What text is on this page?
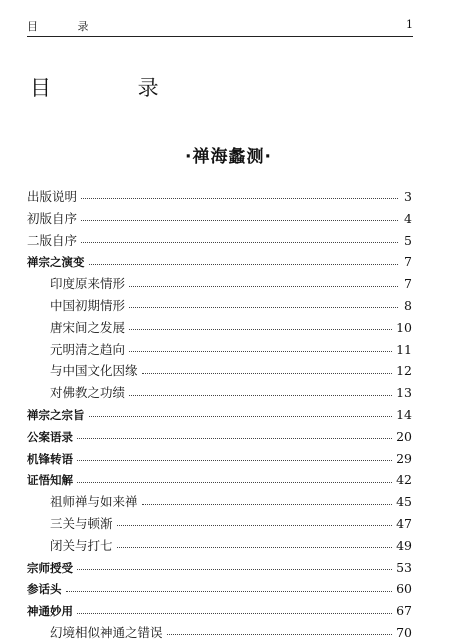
目 录	1
目 录
·禅海蠡测·
出版说明	3
初版自序	4
二版自序	5
禅宗之演变	7
印度原来情形	7
中国初期情形	8
唐宋间之发展	10
元明清之趋向	11
与中国文化因缘	12
对佛教之功绩	13
禅宗之宗旨	14
公案语录	20
机锋转语	29
证悟知解	42
祖师禅与如来禅	45
三关与顿渐	47
闭关与打七	49
宗师授受	53
参话头	60
神通妙用	67
幻境相似神通之错误	70
